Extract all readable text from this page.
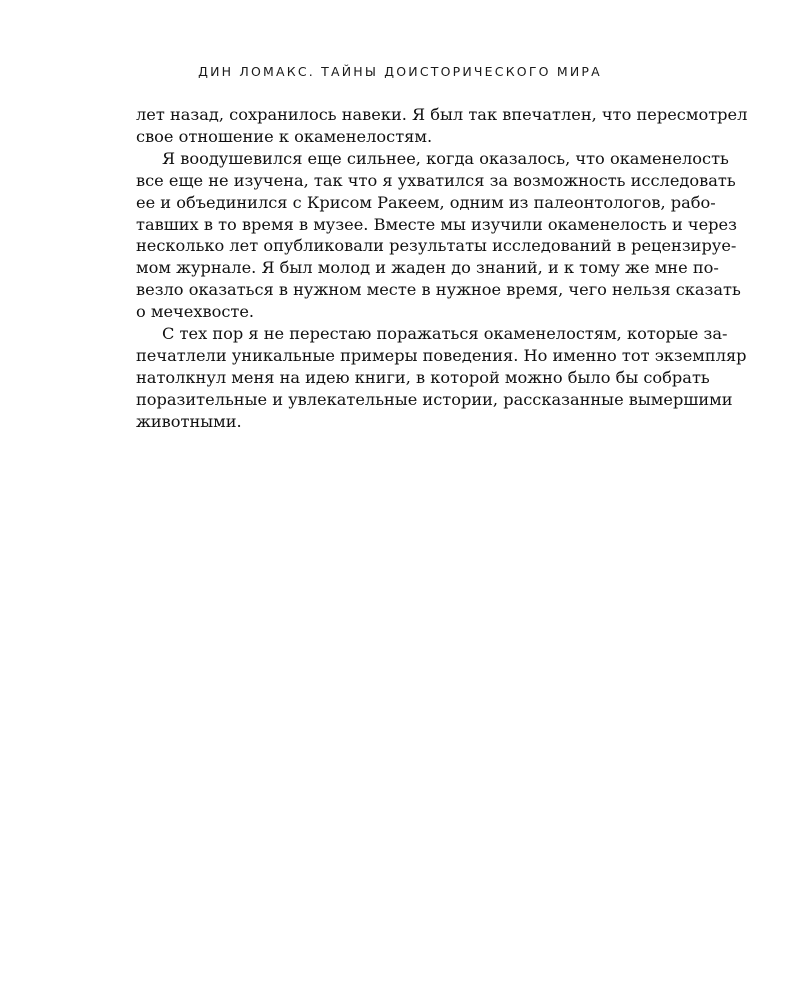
ДИН ЛОМАКС. ТАЙНЫ ДОИСТОРИЧЕСКОГО МИРА
лет назад, сохранилось навеки. Я был так впечатлен, что пересмотрел
свое отношение к окаменелостям.
Я воодушевился еще сильнее, когда оказалось, что окаменелость
все еще не изучена, так что я ухватился за возможность исследовать
ее и объединился с Крисом Ракеем, одним из палеонтологов, рабо-
тавших в то время в музее. Вместе мы изучили окаменелость и через
несколько лет опубликовали результаты исследований в рецензируе-
мом журнале. Я был молод и жаден до знаний, и к тому же мне по-
везло оказаться в нужном месте в нужное время, чего нельзя сказать
о мечехвосте.
С тех пор я не перестаю поражаться окаменелостям, которые за-
печатлели уникальные примеры поведения. Но именно тот экземпляр
натолкнул меня на идею книги, в которой можно было бы собрать
поразительные и увлекательные истории, рассказанные вымершими
животными.
